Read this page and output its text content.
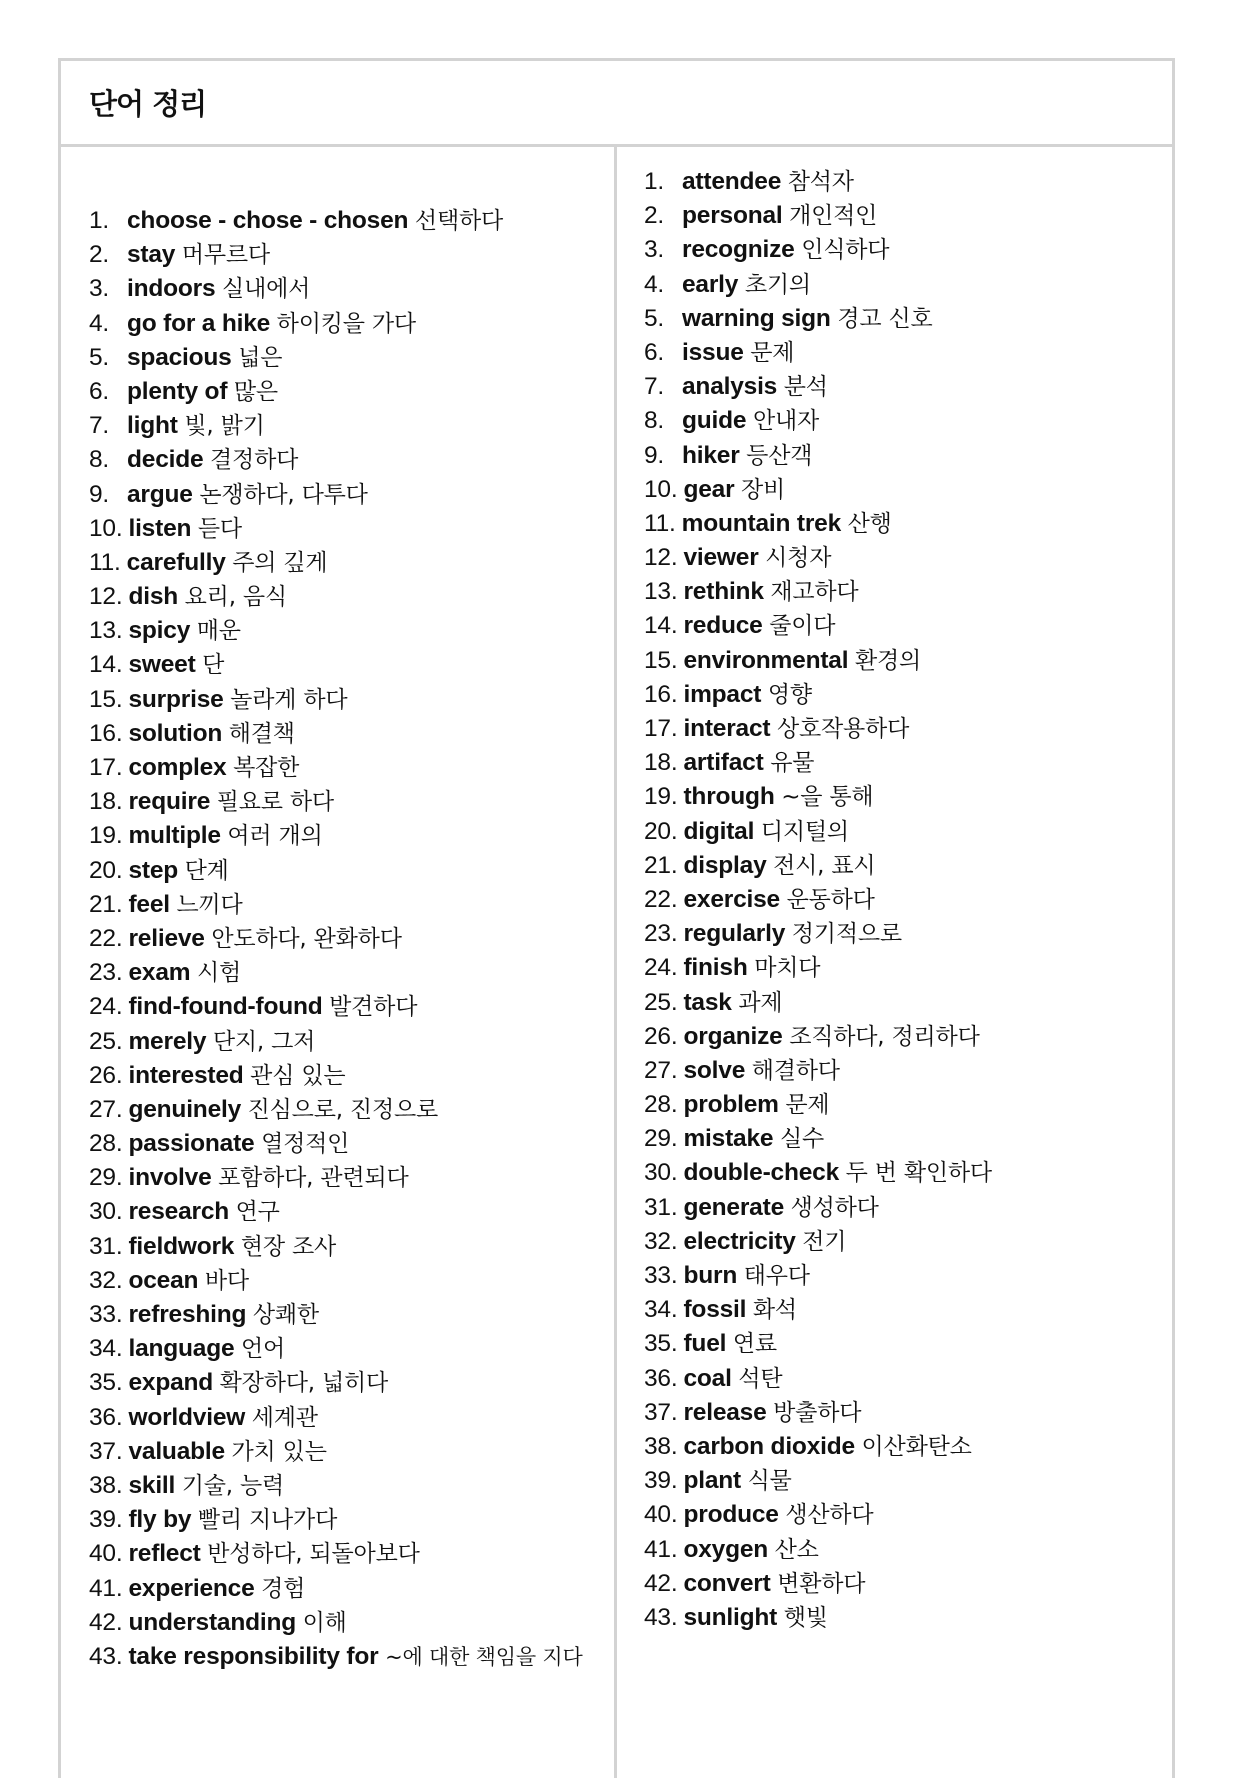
단어 정리
1. choose - chose - chosen 선택하다
2. stay 머무르다
3. indoors 실내에서
4. go for a hike 하이킹을 가다
5. spacious 넓은
6. plenty of 많은
7. light 빛, 밝기
8. decide 결정하다
9. argue 논쟁하다, 다투다
10. listen 듣다
11. carefully 주의 깊게
12. dish 요리, 음식
13. spicy 매운
14. sweet 단
15. surprise 놀라게 하다
16. solution 해결책
17. complex 복잡한
18. require 필요로 하다
19. multiple 여러 개의
20. step 단계
21. feel 느끼다
22. relieve 안도하다, 완화하다
23. exam 시험
24. find-found-found 발견하다
25. merely 단지, 그저
26. interested 관심 있는
27. genuinely 진심으로, 진정으로
28. passionate 열정적인
29. involve 포함하다, 관련되다
30. research 연구
31. fieldwork 현장 조사
32. ocean 바다
33. refreshing 상쾌한
34. language 언어
35. expand 확장하다, 넓히다
36. worldview 세계관
37. valuable 가치 있는
38. skill 기술, 능력
39. fly by 빨리 지나가다
40. reflect 반성하다, 되돌아보다
41. experience 경험
42. understanding 이해
43. take responsibility for ~에 대한 책임을 지다
1. attendee 참석자
2. personal 개인적인
3. recognize 인식하다
4. early 초기의
5. warning sign 경고 신호
6. issue 문제
7. analysis 분석
8. guide 안내자
9. hiker 등산객
10. gear 장비
11. mountain trek 산행
12. viewer 시청자
13. rethink 재고하다
14. reduce 줄이다
15. environmental 환경의
16. impact 영향
17. interact 상호작용하다
18. artifact 유물
19. through ~을 통해
20. digital 디지털의
21. display 전시, 표시
22. exercise 운동하다
23. regularly 정기적으로
24. finish 마치다
25. task 과제
26. organize 조직하다, 정리하다
27. solve 해결하다
28. problem 문제
29. mistake 실수
30. double-check 두 번 확인하다
31. generate 생성하다
32. electricity 전기
33. burn 태우다
34. fossil 화석
35. fuel 연료
36. coal 석탄
37. release 방출하다
38. carbon dioxide 이산화탄소
39. plant 식물
40. produce 생산하다
41. oxygen 산소
42. convert 변환하다
43. sunlight 햇빛
